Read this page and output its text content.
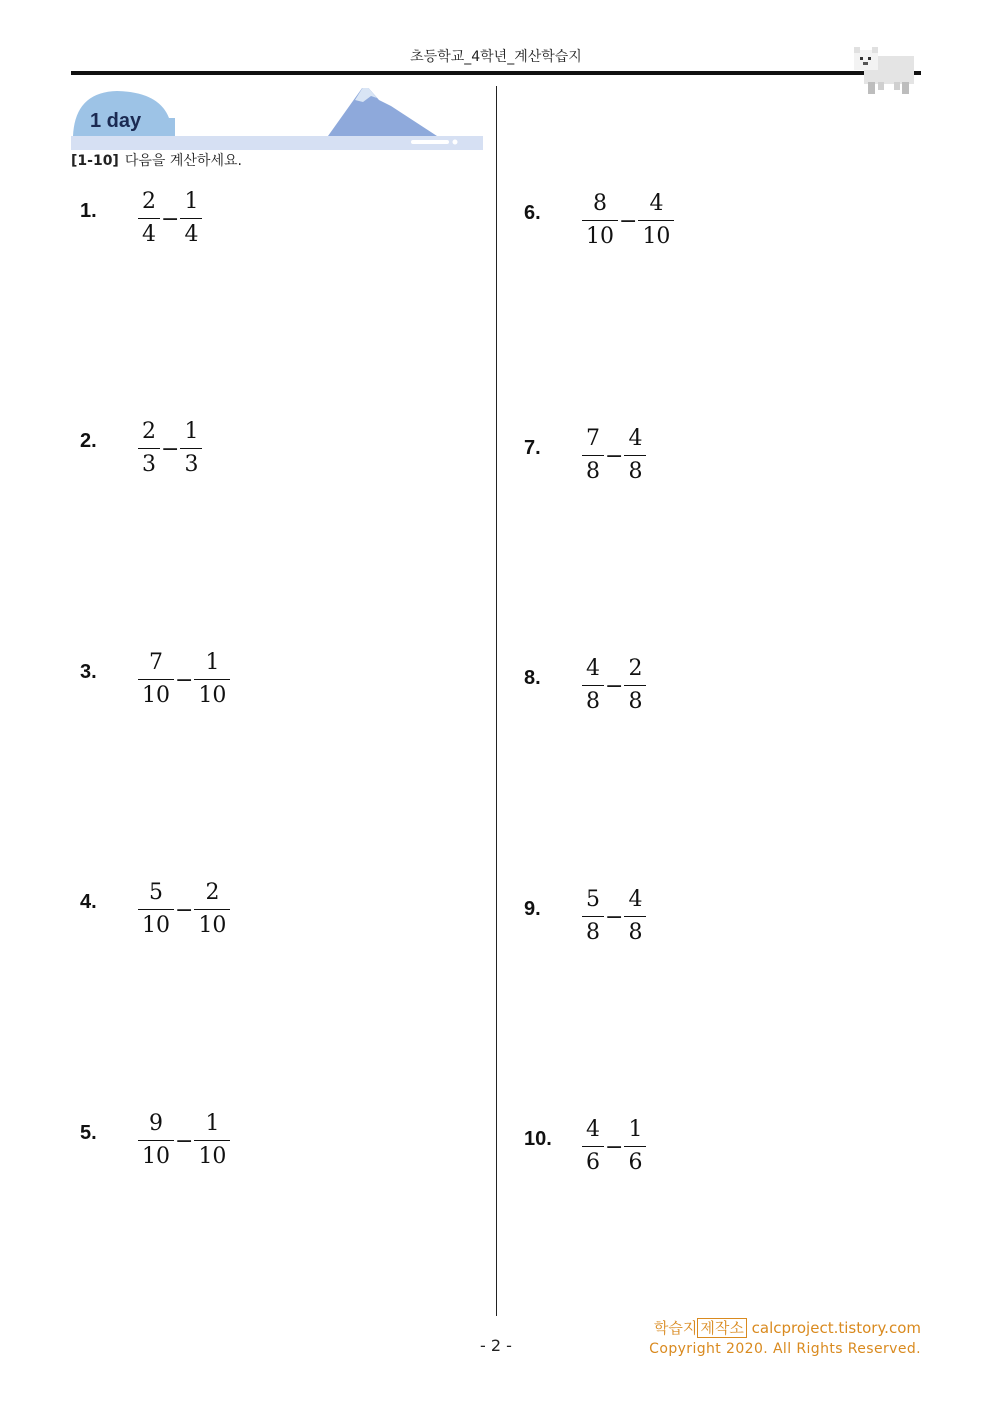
초등학교_4학년_계산학습지
1 day
[1-10] 다음을 계산하세요.
1.	$\frac{2}{4} - \frac{1}{4}$
2.	$\frac{2}{3} - \frac{1}{3}$
3.	$\frac{7}{10} - \frac{1}{10}$
4.	$\frac{5}{10} - \frac{2}{10}$
5.	$\frac{9}{10} - \frac{1}{10}$
6.	$\frac{8}{10} - \frac{4}{10}$
7.	$\frac{7}{8} - \frac{4}{8}$
8.	$\frac{4}{8} - \frac{2}{8}$
9.	$\frac{5}{8} - \frac{4}{8}$
10.	$\frac{4}{6} - \frac{1}{6}$
학습지 제작소 calcproject.tistory.com
Copyright 2020. All Rights Reserved.
- 2 -
